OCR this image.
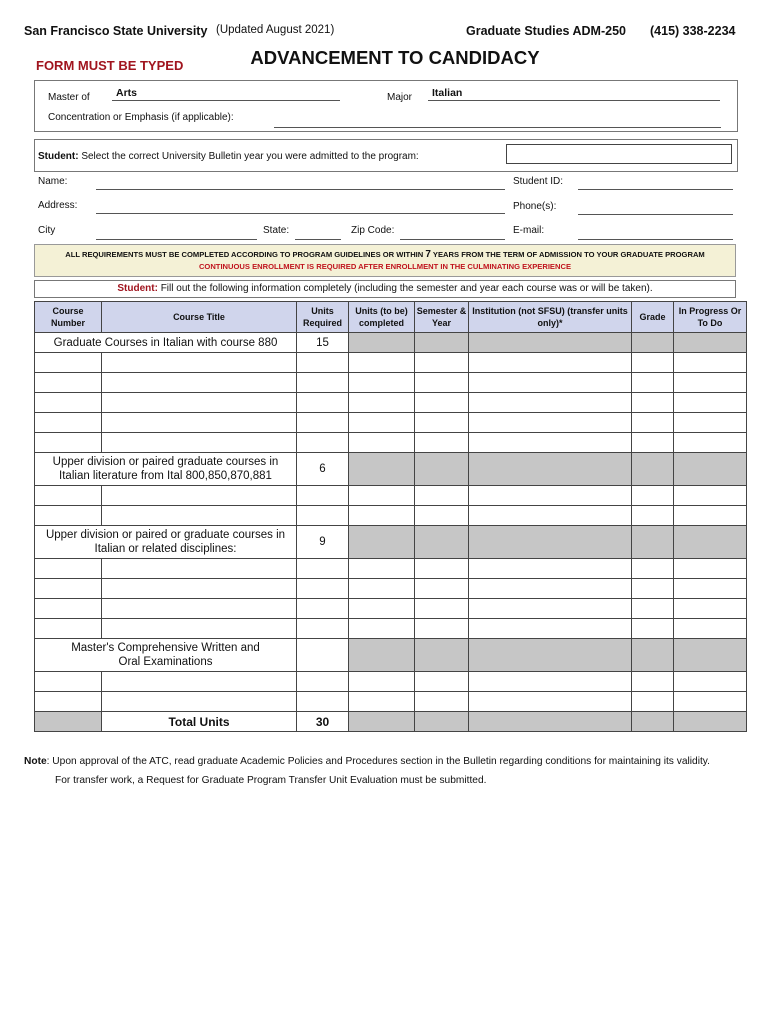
San Francisco State University (Updated August 2021)	Graduate Studies ADM-250 (415) 338-2234
ADVANCEMENT TO CANDIDACY
FORM MUST BE TYPED
Master of	Arts	Major	Italian
Concentration or Emphasis (if applicable):
Student: Select the correct University Bulletin year you were admitted to the program:
Name:	Student ID:
Address:	Phone(s):
City	State:	Zip Code:	E-mail:
ALL REQUIREMENTS MUST BE COMPLETED ACCORDING TO PROGRAM GUIDELINES OR WITHIN 7 YEARS FROM THE TERM OF ADMISSION TO YOUR GRADUATE PROGRAM
CONTINUOUS ENROLLMENT IS REQUIRED AFTER ENROLLMENT IN THE CULMINATING EXPERIENCE
Student: Fill out the following information completely (including the semester and year each course was or will be taken).
Course Number	Course Title	Units Required	Units (to be) completed	Semester & Year	Institution (not SFSU) (transfer units only)*	Grade	In Progress Or To Do
Graduate Courses in Italian with course 880		15					

Upper division or paired graduate courses in Italian literature from Ital 800,850,870,881		6					

Upper division or paired or graduate courses in Italian or related disciplines:		9					

Master's Comprehensive Written and Oral Examinations							

	Total Units	30					
Note: Upon approval of the ATC, read graduate Academic Policies and Procedures section in the Bulletin regarding conditions for maintaining its validity.
For transfer work, a Request for Graduate Program Transfer Unit Evaluation must be submitted.
